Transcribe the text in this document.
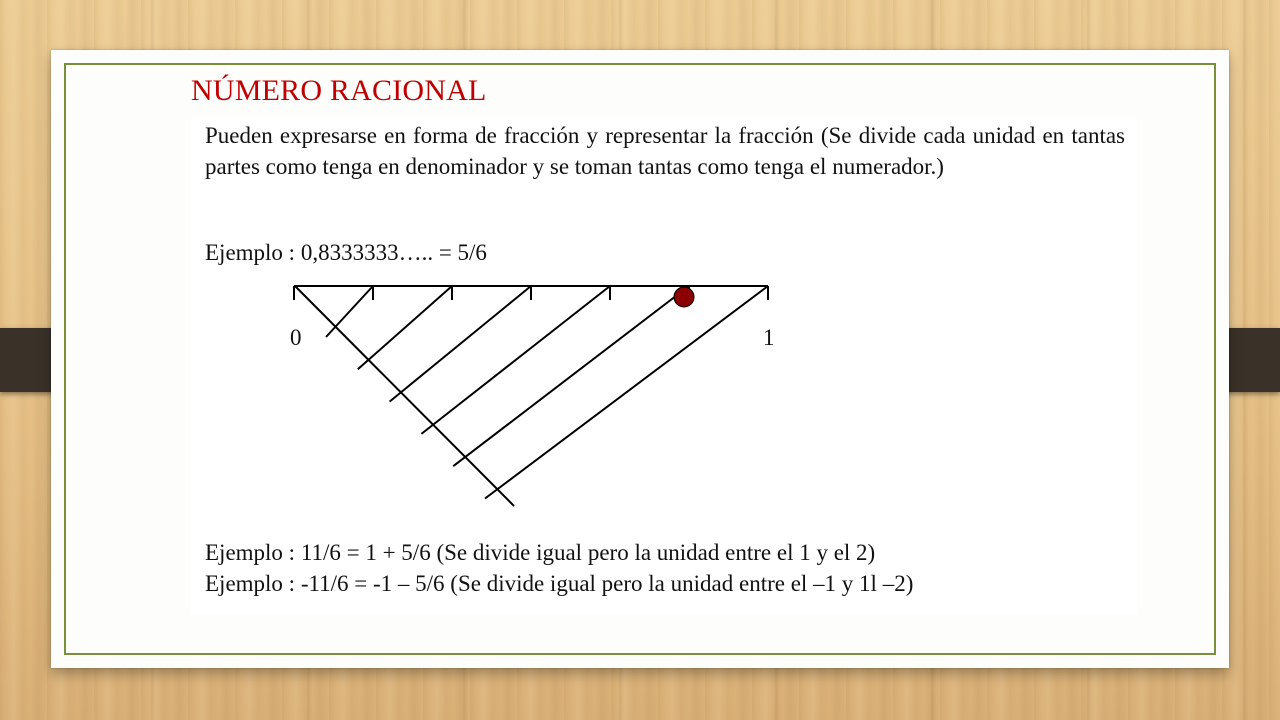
NÚMERO RACIONAL

Pueden expresarse en forma de fracción y representar la fracción (Se divide cada unidad en tantas partes como tenga en denominador y se toman tantas como tenga el numerador.)

Ejemplo : 0,8333333….. = 5/6
0	1
Ejemplo : 11/6 = 1 + 5/6 (Se divide igual pero la unidad entre el 1 y el 2)
Ejemplo : -11/6 = -1 – 5/6 (Se divide igual pero la unidad entre el –1 y 1l –2)
